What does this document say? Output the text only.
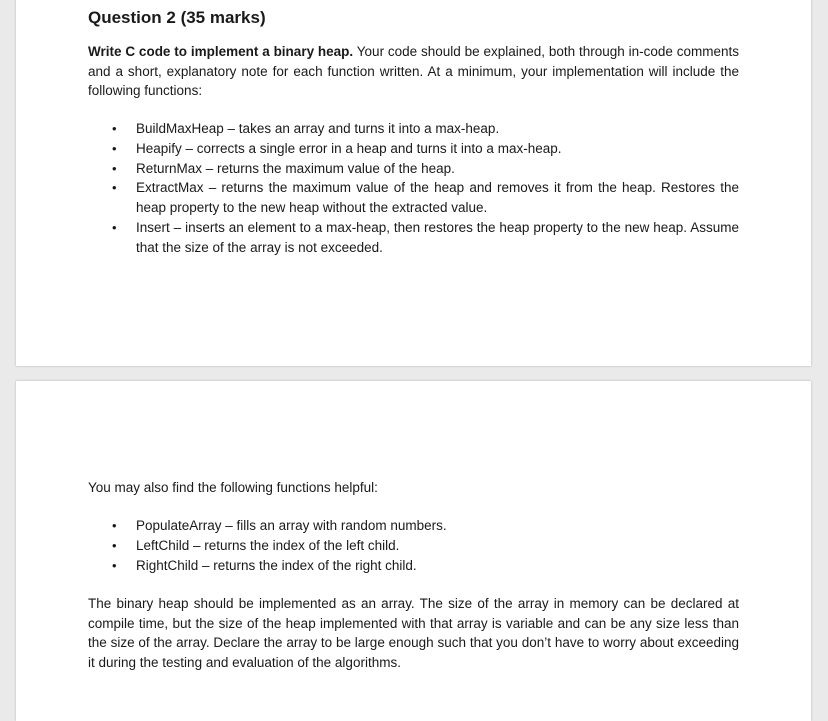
Question 2 (35 marks)

Write C code to implement a binary heap. Your code should be explained, both through in-code comments and a short, explanatory note for each function written. At a minimum, your implementation will include the following functions:

• BuildMaxHeap – takes an array and turns it into a max-heap.
• Heapify – corrects a single error in a heap and turns it into a max-heap.
• ReturnMax – returns the maximum value of the heap.
• ExtractMax – returns the maximum value of the heap and removes it from the heap. Restores the heap property to the new heap without the extracted value.
• Insert – inserts an element to a max-heap, then restores the heap property to the new heap. Assume that the size of the array is not exceeded.

You may also find the following functions helpful:

• PopulateArray – fills an array with random numbers.
• LeftChild – returns the index of the left child.
• RightChild – returns the index of the right child.

The binary heap should be implemented as an array. The size of the array in memory can be declared at compile time, but the size of the heap implemented with that array is variable and can be any size less than the size of the array. Declare the array to be large enough such that you don’t have to worry about exceeding it during the testing and evaluation of the algorithms.
